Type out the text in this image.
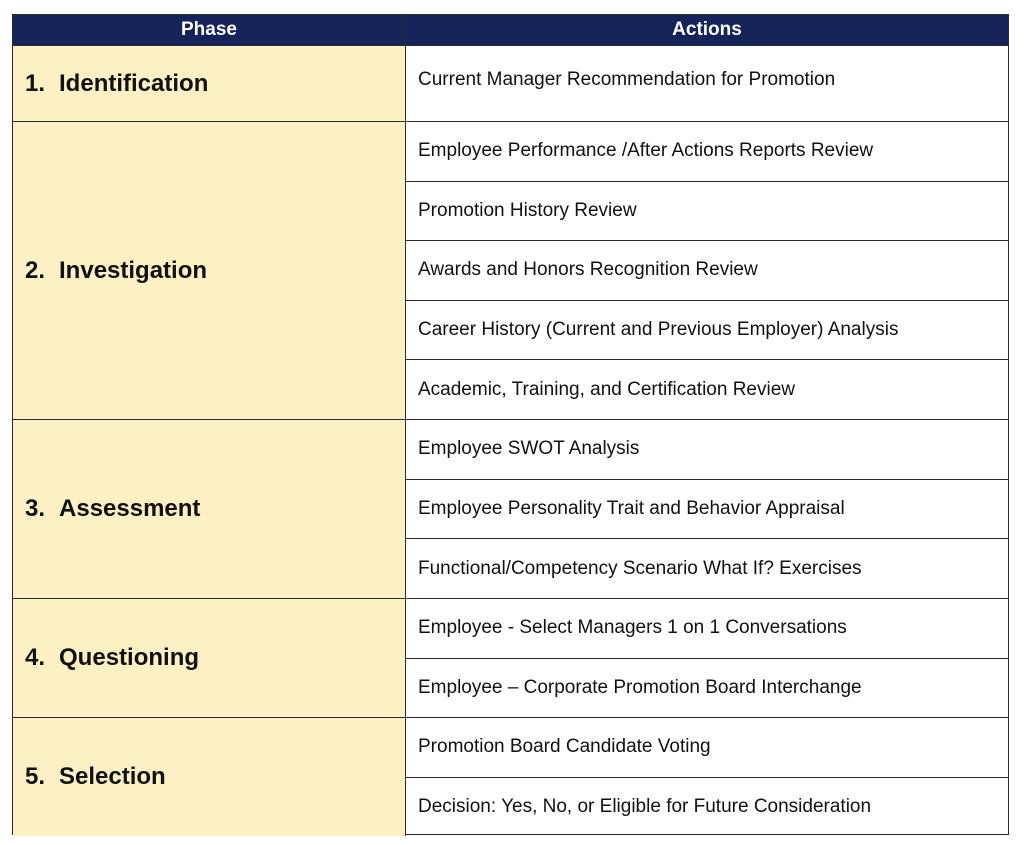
Phase	Actions
1. Identification	Current Manager Recommendation for Promotion
2. Investigation
Employee Performance /After Actions Reports Review
Promotion History Review
Awards and Honors Recognition Review
Career History (Current and Previous Employer) Analysis
Academic, Training, and Certification Review
3. Assessment
Employee SWOT Analysis
Employee Personality Trait and Behavior Appraisal
Functional/Competency Scenario What If? Exercises
4. Questioning
Employee - Select Managers 1 on 1 Conversations
Employee – Corporate Promotion Board Interchange
5. Selection
Promotion Board Candidate Voting
Decision: Yes, No, or Eligible for Future Consideration
